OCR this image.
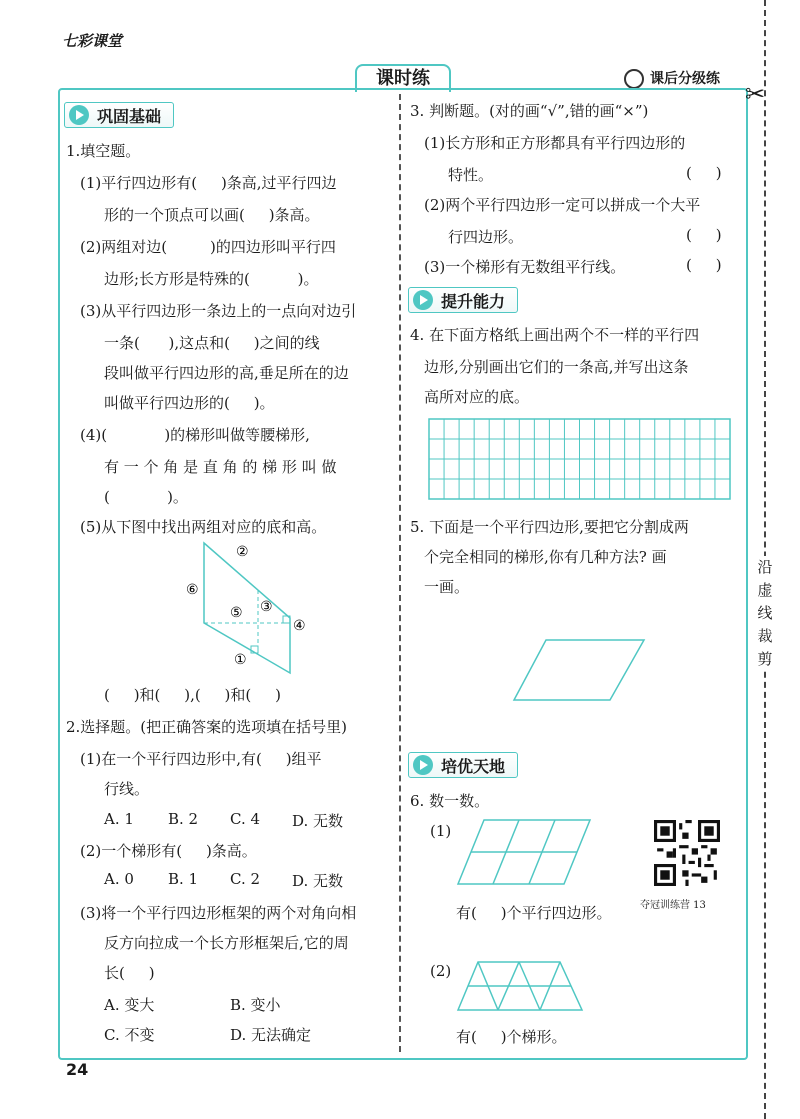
七彩课堂
课时练	课后分级练
✂
沿
虚
线
裁
剪
巩固基础
1.填空题。
(1)平行四边形有(     )条高,过平行四边
形的一个顶点可以画(     )条高。
(2)两组对边(         )的四边形叫平行四
边形;长方形是特殊的(          )。
(3)从平行四边形一条边上的一点向对边引
一条(      ),这点和(     )之间的线
段叫做平行四边形的高,垂足所在的边
叫做平行四边形的(     )。
(4)(            )的梯形叫做等腰梯形,
有 一 个 角 是 直 角 的 梯 形 叫 做
(            )。
(5)从下图中找出两组对应的底和高。
②
⑥
⑤ ③
④
①
(     )和(     ),(     )和(     )
2.选择题。(把正确答案的选项填在括号里)
(1)在一个平行四边形中,有(     )组平
行线。
A. 1 B. 2 C. 4 D. 无数
(2)一个梯形有(     )条高。
A. 0 B. 1 C. 2 D. 无数
(3)将一个平行四边形框架的两个对角向相
反方向拉成一个长方形框架后,它的周
长(     )
A. 变大	B. 变小
C. 不变	D. 无法确定
3. 判断题。(对的画“√”,错的画“×”)
(1)长方形和正方形都具有平行四边形的
特性。	(     )
(2)两个平行四边形一定可以拼成一个大平
行四边形。	(     )
(3)一个梯形有无数组平行线。	(     )
提升能力
4. 在下面方格纸上画出两个不一样的平行四
边形,分别画出它们的一条高,并写出这条
高所对应的底。
5. 下面是一个平行四边形,要把它分割成两
个完全相同的梯形,你有几种方法? 画
一画。
培优天地
6. 数一数。
(1)
有(     )个平行四边形。	夺冠训练营 13
(2)
有(     )个梯形。
24
